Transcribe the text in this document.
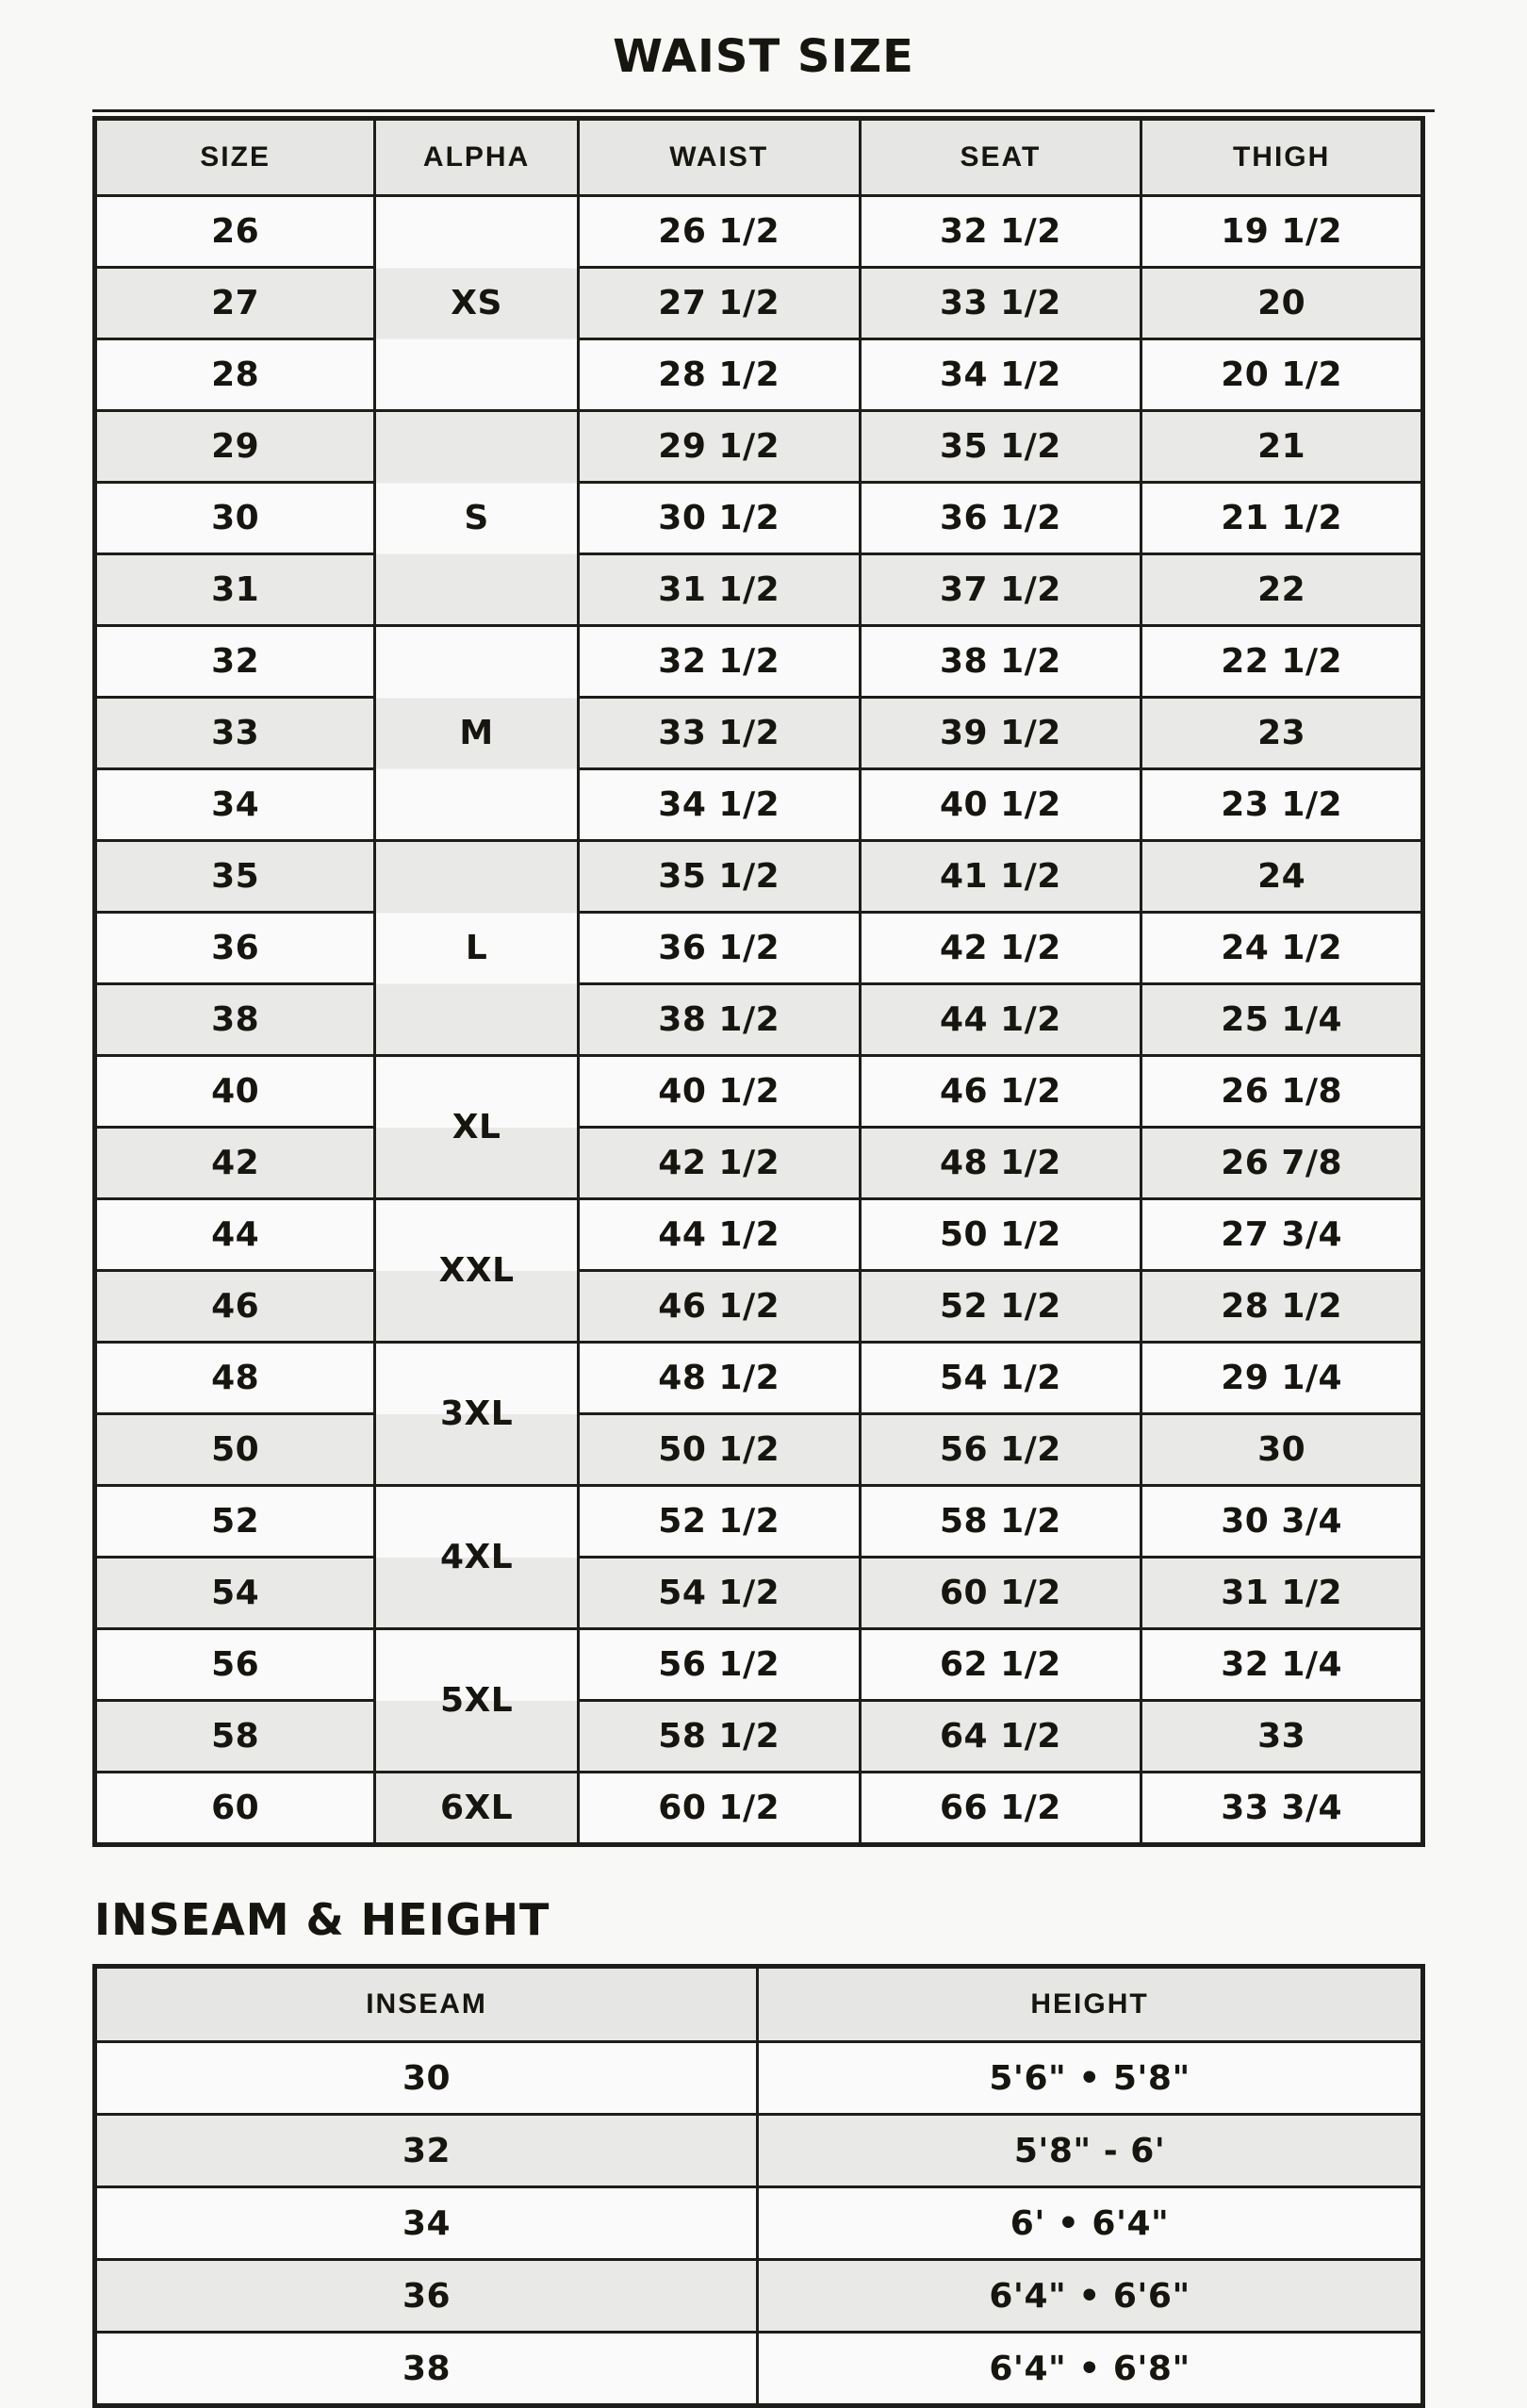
WAIST SIZE
SIZE	ALPHA	WAIST	SEAT	THIGH
26	XS	26 1/2	32 1/2	19 1/2
27		27 1/2	33 1/2	20
28		28 1/2	34 1/2	20 1/2
29	S	29 1/2	35 1/2	21
30		30 1/2	36 1/2	21 1/2
31		31 1/2	37 1/2	22
32	M	32 1/2	38 1/2	22 1/2
33		33 1/2	39 1/2	23
34		34 1/2	40 1/2	23 1/2
35	L	35 1/2	41 1/2	24
36		36 1/2	42 1/2	24 1/2
38		38 1/2	44 1/2	25 1/4
40	XL	40 1/2	46 1/2	26 1/8
42		42 1/2	48 1/2	26 7/8
44	XXL	44 1/2	50 1/2	27 3/4
46		46 1/2	52 1/2	28 1/2
48	3XL	48 1/2	54 1/2	29 1/4
50		50 1/2	56 1/2	30
52	4XL	52 1/2	58 1/2	30 3/4
54		54 1/2	60 1/2	31 1/2
56	5XL	56 1/2	62 1/2	32 1/4
58		58 1/2	64 1/2	33
60	6XL	60 1/2	66 1/2	33 3/4
INSEAM & HEIGHT
INSEAM	HEIGHT
30	5'6" • 5'8"
32	5'8" - 6'
34	6' • 6'4"
36	6'4" • 6'6"
38	6'4" • 6'8"
